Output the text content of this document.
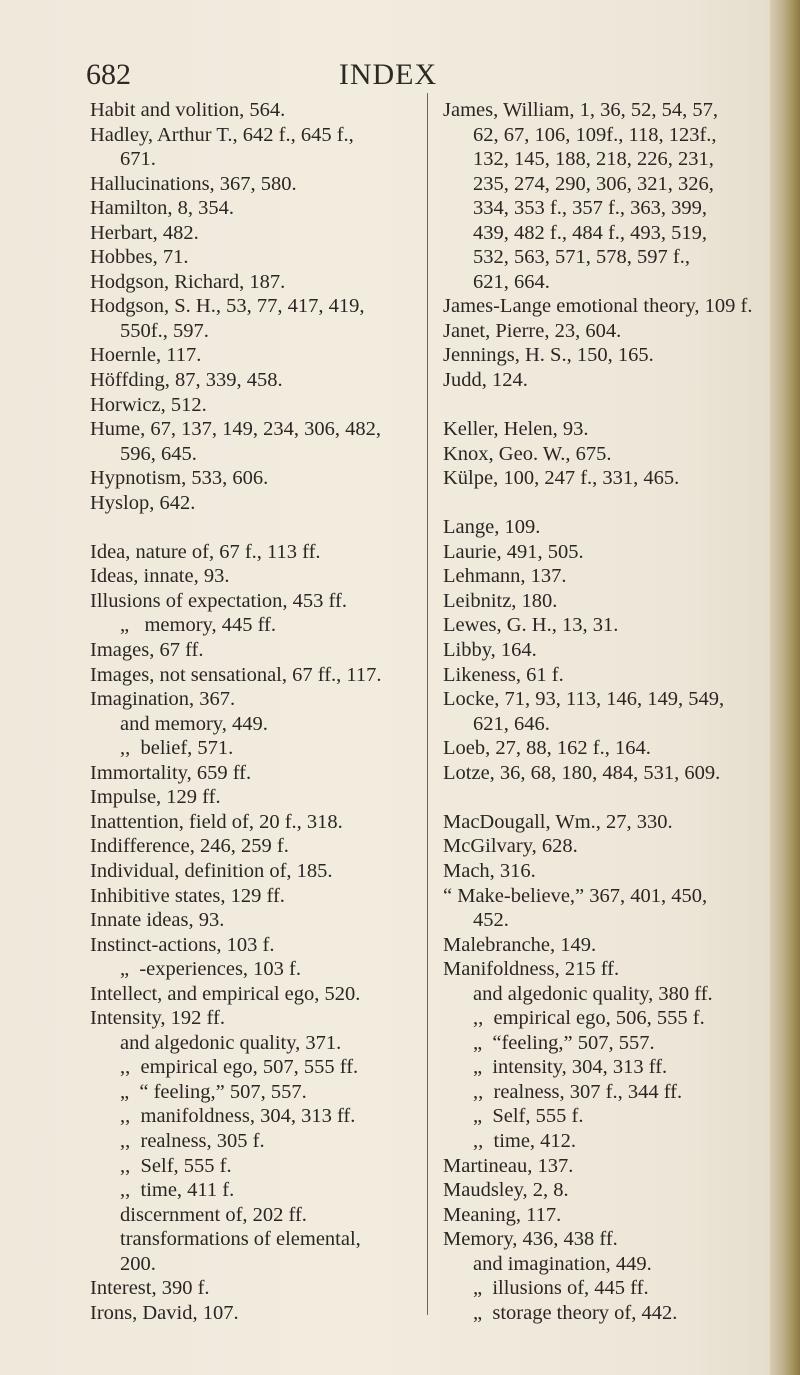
INDEX
682
Habit and volition, 564.
Hadley, Arthur T., 642 f., 645 f.,
671.
Hallucinations, 367, 580.
Hamilton, 8, 354.
Herbart, 482.
Hobbes, 71.
Hodgson, Richard, 187.
Hodgson, S. H., 53, 77, 417, 419,
550f., 597.
Hoernle, 117.
Höffding, 87, 339, 458.
Horwicz, 512.
Hume, 67, 137, 149, 234, 306, 482,
596, 645.
Hypnotism, 533, 606.
Hyslop, 642.
Idea, nature of, 67 f., 113 ff.
Ideas, innate, 93.
Illusions of expectation, 453 ff.
„   memory, 445 ff.
Images, 67 ff.
Images, not sensational, 67 ff., 117.
Imagination, 367.
and memory, 449.
,,  belief, 571.
Immortality, 659 ff.
Impulse, 129 ff.
Inattention, field of, 20 f., 318.
Indifference, 246, 259 f.
Individual, definition of, 185.
Inhibitive states, 129 ff.
Innate ideas, 93.
Instinct-actions, 103 f.
„  -experiences, 103 f.
Intellect, and empirical ego, 520.
Intensity, 192 ff.
and algedonic quality, 371.
,,  empirical ego, 507, 555 ff.
„  “ feeling,” 507, 557.
,,  manifoldness, 304, 313 ff.
,,  realness, 305 f.
,,  Self, 555 f.
,,  time, 411 f.
discernment of, 202 ff.
transformations of elemental,
200.
Interest, 390 f.
Irons, David, 107.
James, William, 1, 36, 52, 54, 57,
62, 67, 106, 109f., 118, 123f.,
132, 145, 188, 218, 226, 231,
235, 274, 290, 306, 321, 326,
334, 353 f., 357 f., 363, 399,
439, 482 f., 484 f., 493, 519,
532, 563, 571, 578, 597 f.,
621, 664.
James-Lange emotional theory, 109 f.
Janet, Pierre, 23, 604.
Jennings, H. S., 150, 165.
Judd, 124.
Keller, Helen, 93.
Knox, Geo. W., 675.
Külpe, 100, 247 f., 331, 465.
Lange, 109.
Laurie, 491, 505.
Lehmann, 137.
Leibnitz, 180.
Lewes, G. H., 13, 31.
Libby, 164.
Likeness, 61 f.
Locke, 71, 93, 113, 146, 149, 549,
621, 646.
Loeb, 27, 88, 162 f., 164.
Lotze, 36, 68, 180, 484, 531, 609.
MacDougall, Wm., 27, 330.
McGilvary, 628.
Mach, 316.
“ Make-believe,” 367, 401, 450,
452.
Malebranche, 149.
Manifoldness, 215 ff.
and algedonic quality, 380 ff.
,,  empirical ego, 506, 555 f.
„  “feeling,” 507, 557.
„  intensity, 304, 313 ff.
,,  realness, 307 f., 344 ff.
„  Self, 555 f.
,,  time, 412.
Martineau, 137.
Maudsley, 2, 8.
Meaning, 117.
Memory, 436, 438 ff.
and imagination, 449.
„  illusions of, 445 ff.
„  storage theory of, 442.
